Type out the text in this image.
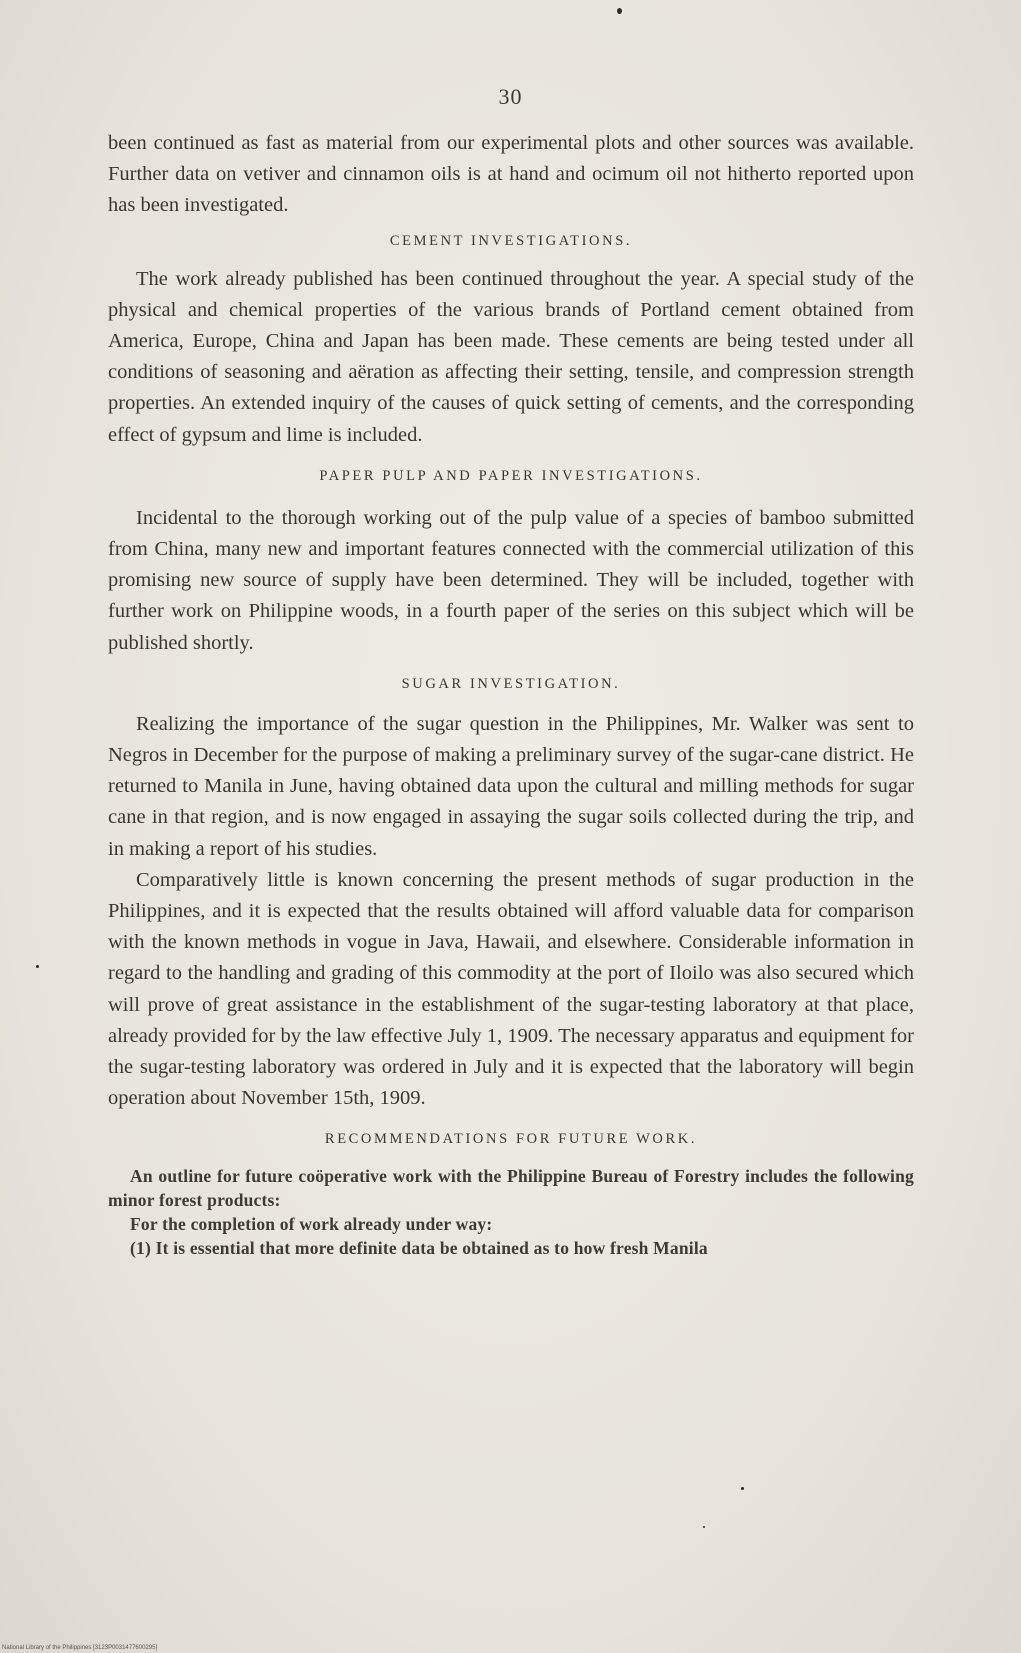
30

been continued as fast as material from our experimental plots and other sources was available. Further data on vetiver and cinnamon oils is at hand and ocimum oil not hitherto reported upon has been investigated.

CEMENT INVESTIGATIONS.

The work already published has been continued throughout the year. A special study of the physical and chemical properties of the various brands of Portland cement obtained from America, Europe, China and Japan has been made. These cements are being tested under all conditions of seasoning and aëration as affecting their setting, tensile, and compression strength properties. An extended inquiry of the causes of quick setting of cements, and the corresponding effect of gypsum and lime is included.

PAPER PULP AND PAPER INVESTIGATIONS.

Incidental to the thorough working out of the pulp value of a species of bamboo submitted from China, many new and important features connected with the commercial utilization of this promising new source of supply have been determined. They will be included, together with further work on Philippine woods, in a fourth paper of the series on this subject which will be published shortly.

SUGAR INVESTIGATION.

Realizing the importance of the sugar question in the Philippines, Mr. Walker was sent to Negros in December for the purpose of making a preliminary survey of the sugar-cane district. He returned to Manila in June, having obtained data upon the cultural and milling methods for sugar cane in that region, and is now engaged in assaying the sugar soils collected during the trip, and in making a report of his studies.

Comparatively little is known concerning the present methods of sugar production in the Philippines, and it is expected that the results obtained will afford valuable data for comparison with the known methods in vogue in Java, Hawaii, and elsewhere. Considerable information in regard to the handling and grading of this commodity at the port of Iloilo was also secured which will prove of great assistance in the establishment of the sugar-testing laboratory at that place, already provided for by the law effective July 1, 1909. The necessary apparatus and equipment for the sugar-testing laboratory was ordered in July and it is expected that the laboratory will begin operation about November 15th, 1909.

RECOMMENDATIONS FOR FUTURE WORK.

An outline for future coöperative work with the Philippine Bureau of Forestry includes the following minor forest products:

For the completion of work already under way:

(1) It is essential that more definite data be obtained as to how fresh Manila

National Library of the Philippines [3123P0031477600295]
